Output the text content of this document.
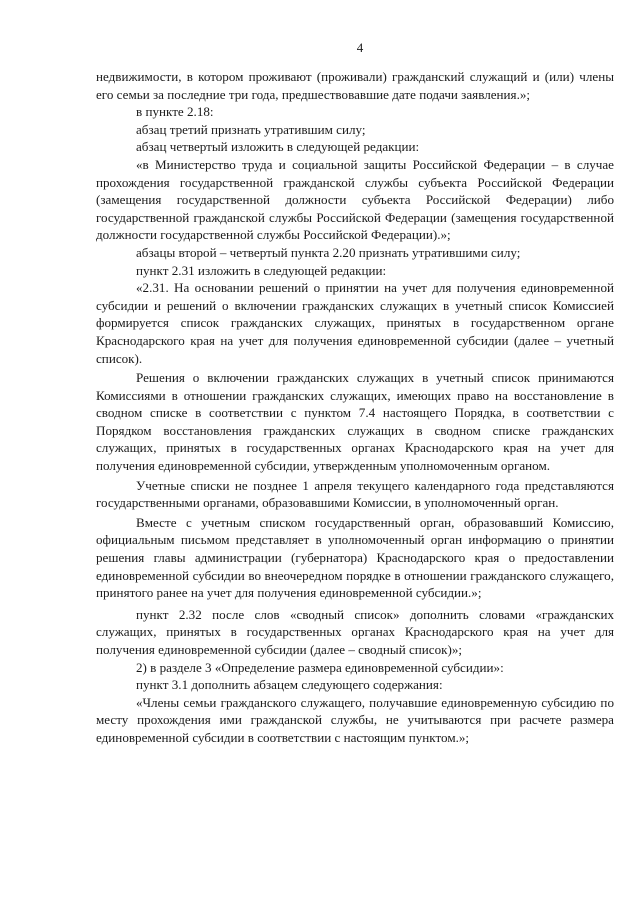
4

недвижимости, в котором проживают (проживали) гражданский служащий и (или) члены его семьи за последние три года, предшествовавшие дате подачи заявления.»;

в пункте 2.18:

абзац третий признать утратившим силу;

абзац четвертый изложить в следующей редакции:

«в Министерство труда и социальной защиты Российской Федерации – в случае прохождения государственной гражданской службы субъекта Российской Федерации (замещения государственной должности субъекта Российской Федерации) либо государственной гражданской службы Российской Федерации (замещения государственной должности государственной службы Российской Федерации).»;

абзацы второй – четвертый пункта 2.20 признать утратившими силу;

пункт 2.31 изложить в следующей редакции:

«2.31. На основании решений о принятии на учет для получения единовременной субсидии и решений о включении гражданских служащих в учетный список Комиссией формируется список гражданских служащих, принятых в государственном органе Краснодарского края на учет для получения единовременной субсидии (далее – учетный список).

Решения о включении гражданских служащих в учетный список принимаются Комиссиями в отношении гражданских служащих, имеющих право на восстановление в сводном списке в соответствии с пунктом 7.4 настоящего Порядка, в соответствии с Порядком восстановления гражданских служащих в сводном списке гражданских служащих, принятых в государственных органах Краснодарского края на учет для получения единовременной субсидии, утвержденным уполномоченным органом.

Учетные списки не позднее 1 апреля текущего календарного года представляются государственными органами, образовавшими Комиссии, в уполномоченный орган.

Вместе с учетным списком государственный орган, образовавший Комиссию, официальным письмом представляет в уполномоченный орган информацию о принятии решения главы администрации (губернатора) Краснодарского края о предоставлении единовременной субсидии во внеочередном порядке в отношении гражданского служащего, принятого ранее на учет для получения единовременной субсидии.»;

пункт 2.32 после слов «сводный список» дополнить словами «гражданских служащих, принятых в государственных органах Краснодарского края на учет для получения единовременной субсидии (далее – сводный список)»;

2) в разделе 3 «Определение размера единовременной субсидии»:

пункт 3.1 дополнить абзацем следующего содержания:

«Члены семьи гражданского служащего, получавшие единовременную субсидию по месту прохождения ими гражданской службы, не учитываются при расчете размера единовременной субсидии в соответствии с настоящим пунктом.»;
